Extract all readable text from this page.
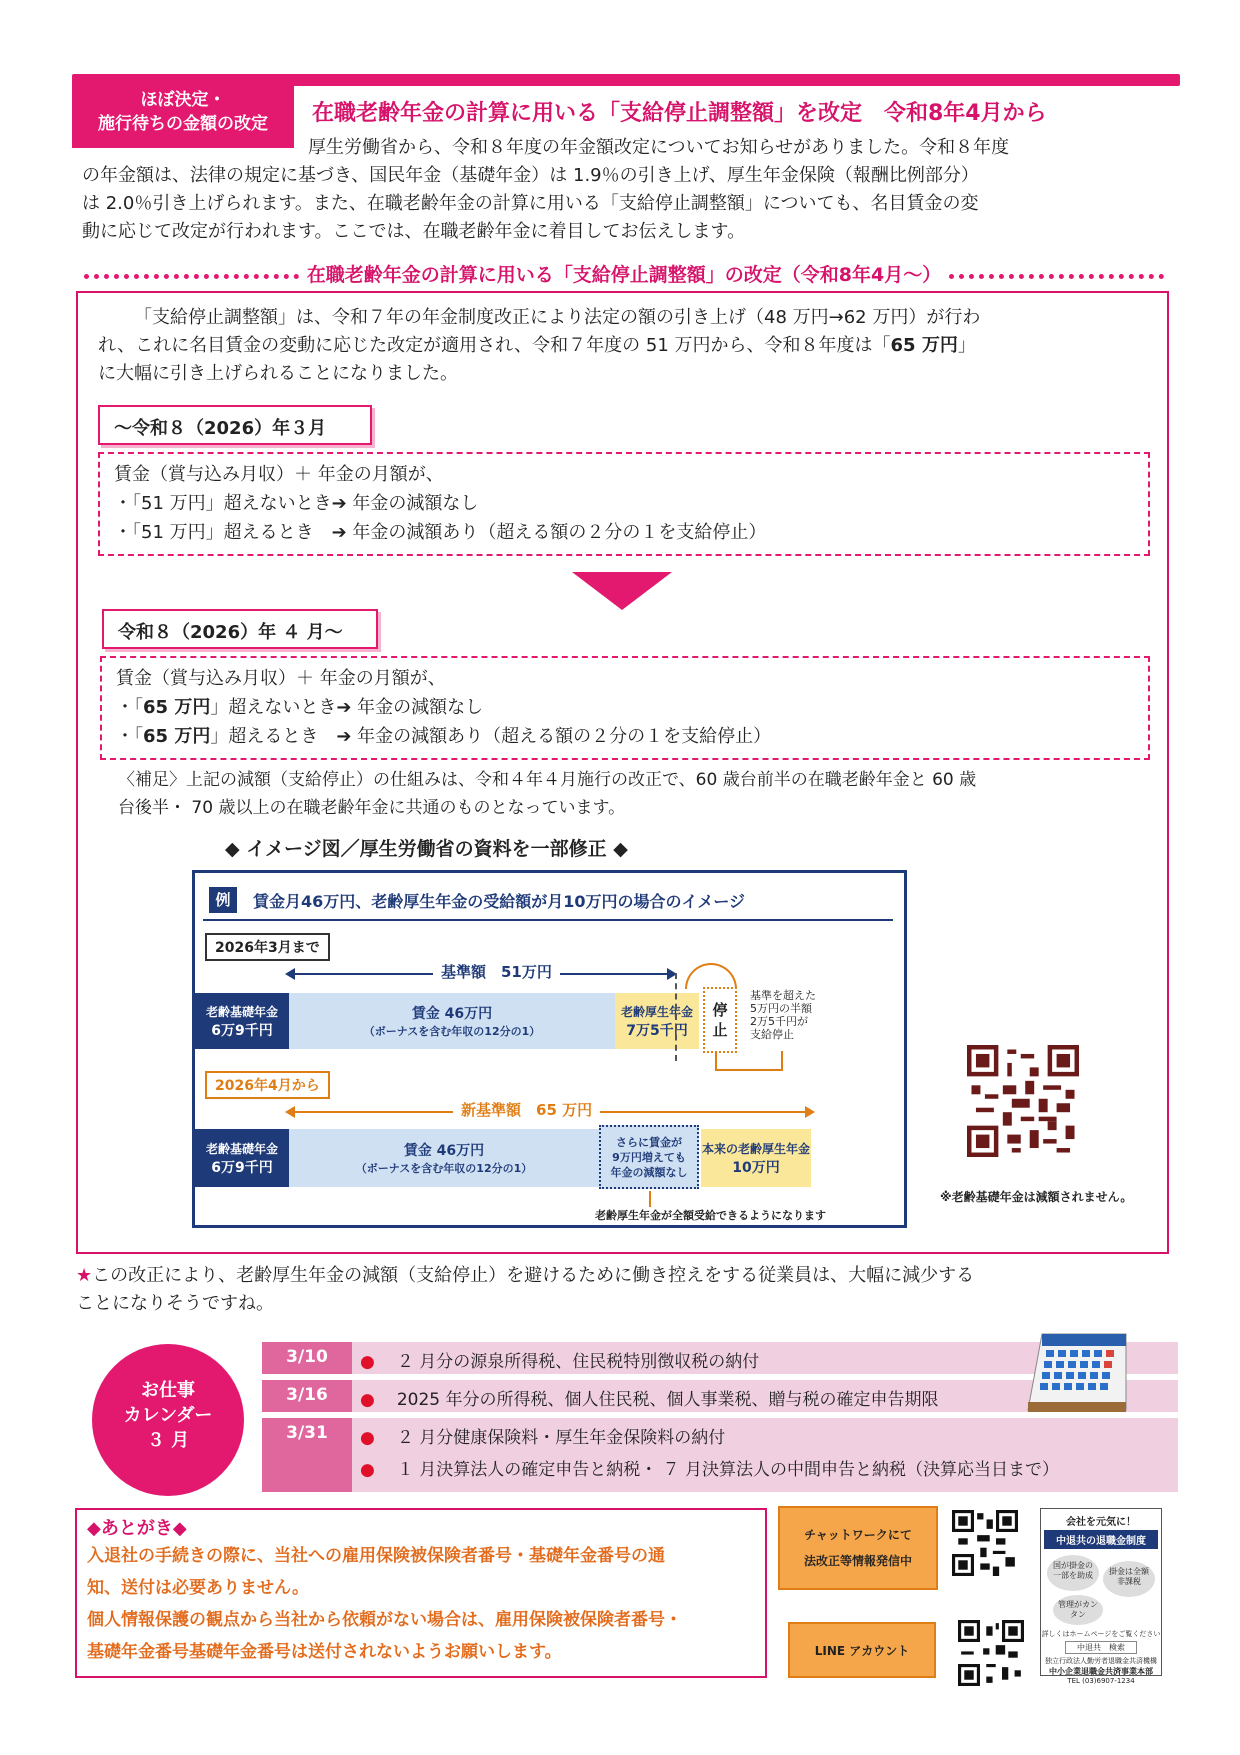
ほぼ決定・
施行待ちの金額の改定	在職老齢年金の計算に用いる「支給停止調整額」を改定　令和8年4月から
厚生労働省から、令和８年度の年金額改定についてお知らせがありました。令和８年度
の年金額は、法律の規定に基づき、国民年金（基礎年金）は 1.9％の引き上げ、厚生年金保険（報酬比例部分）
は 2.0％引き上げられます。また、在職老齢年金の計算に用いる「支給停止調整額」についても、名目賃金の変
動に応じて改定が行われます。ここでは、在職老齢年金に着目してお伝えします。
在職老齢年金の計算に用いる「支給停止調整額」の改定（令和8年4月～）
「支給停止調整額」は、令和７年の年金制度改正により法定の額の引き上げ（48 万円→62 万円）が行わ
れ、これに名目賃金の変動に応じた改定が適用され、令和７年度の 51 万円から、令和８年度は「65 万円」
に大幅に引き上げられることになりました。
～令和８（2026）年３月
賃金（賞与込み月収）＋ 年金の月額が、
・「51 万円」超えないとき➔ 年金の減額なし
・「51 万円」超えるとき　➔ 年金の減額あり（超える額の２分の１を支給停止）
令和８（2026）年 ４ 月～
賃金（賞与込み月収）＋ 年金の月額が、
・「65 万円」超えないとき➔ 年金の減額なし
・「65 万円」超えるとき　➔ 年金の減額あり（超える額の２分の１を支給停止）
〈補足〉上記の減額（支給停止）の仕組みは、令和４年４月施行の改正で、60 歳台前半の在職老齢年金と 60 歳
台後半・ 70 歳以上の在職老齢年金に共通のものとなっています。
◆ イメージ図／厚生労働省の資料を一部修正 ◆
例	賃金月46万円、老齢厚生年金の受給額が月10万円の場合のイメージ
2026年3月まで
基準額　51万円
老齢基礎年金
6万9千円
賃金 46万円
（ボーナスを含む年収の12分の1）
老齢厚生年金
7万5千円
停
止
基準を超えた
5万円の半額
2万5千円が
支給停止
2026年4月から
新基準額　65 万円
老齢基礎年金
6万9千円
賃金 46万円
（ボーナスを含む年収の12分の1）
さらに賃金が
9万円増えても
年金の減額なし
本来の老齢厚生年金
10万円
老齢厚生年金が全額受給できるようになります
※老齢基礎年金は減額されません。
★この改正により、老齢厚生年金の減額（支給停止）を避けるために働き控えをする従業員は、大幅に減少する
ことになりそうですね。
お仕事
カレンダー
３ 月
3/10	● ２ 月分の源泉所得税、住民税特別徴収税の納付
3/16	● 2025 年分の所得税、個人住民税、個人事業税、贈与税の確定申告期限
3/31	● ２ 月分健康保険料・厚生年金保険料の納付
● １ 月決算法人の確定申告と納税・ ７ 月決算法人の中間申告と納税（決算応当日まで）
◆あとがき◆
入退社の手続きの際に、当社への雇用保険被保険者番号・基礎年金番号の通
知、送付は必要ありません。
個人情報保護の観点から当社から依頼がない場合は、雇用保険被保険者番号・
基礎年金番号基礎年金番号は送付されないようお願いします。
チャットワークにて
法改正等情報発信中
LINE アカウント
会社を元気に！
中退共の退職金制度
国が掛金の一部を助成	掛金は全額非課税
管理がカンタン
詳しくはホームページをご覧ください
中退共　検索
独立行政法人勤労者退職金共済機構
中小企業退職金共済事業本部
TEL (03)6907-1234
